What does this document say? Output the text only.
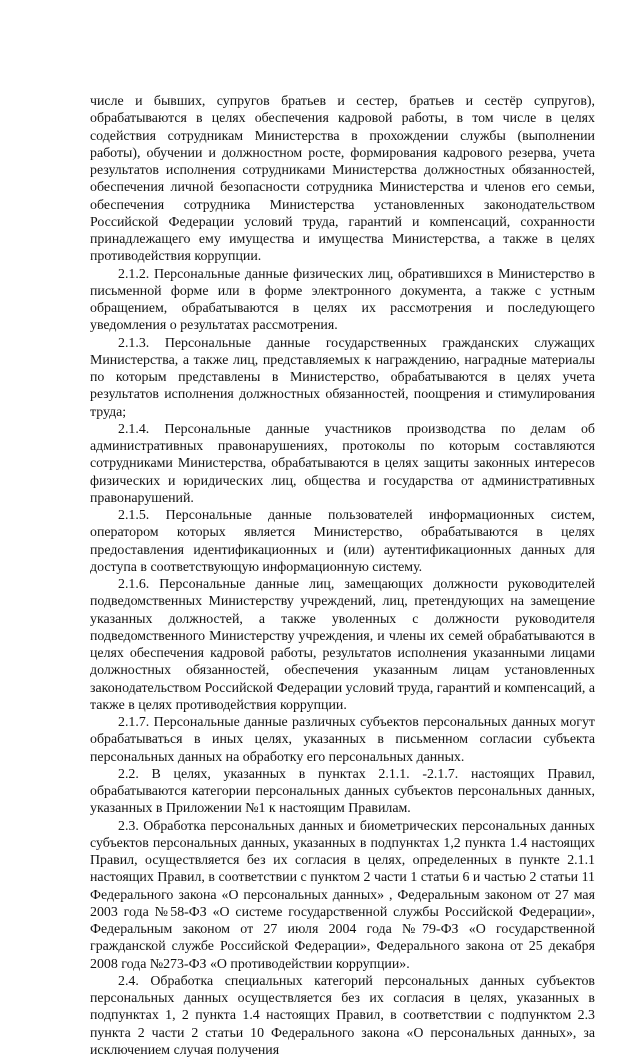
числе и бывших, супругов братьев и сестер, братьев и сестёр супругов), обрабатываются в целях обеспечения кадровой работы, в том числе в целях содействия сотрудникам Министерства в прохождении службы (выполнении работы), обучении и должностном росте, формирования кадрового резерва, учета результатов исполнения сотрудниками Министерства должностных обязанностей, обеспечения личной безопасности сотрудника Министерства и членов его семьи, обеспечения сотрудника Министерства установленных законодательством Российской Федерации условий труда, гарантий и компенсаций, сохранности принадлежащего ему имущества и имущества Министерства, а также в целях противодействия коррупции.

2.1.2. Персональные данные физических лиц, обратившихся в Министерство в письменной форме или в форме электронного документа, а также с устным обращением, обрабатываются в целях их рассмотрения и последующего уведомления о результатах рассмотрения.

2.1.3. Персональные данные государственных гражданских служащих Министерства, а также лиц, представляемых к награждению, наградные материалы по которым представлены в Министерство, обрабатываются в целях учета результатов исполнения должностных обязанностей, поощрения и стимулирования труда;

2.1.4. Персональные данные участников производства по делам об административных правонарушениях, протоколы по которым составляются сотрудниками Министерства, обрабатываются в целях защиты законных интересов физических и юридических лиц, общества и государства от административных правонарушений.

2.1.5. Персональные данные пользователей информационных систем, оператором которых является Министерство, обрабатываются в целях предоставления идентификационных и (или) аутентификационных данных для доступа в соответствующую информационную систему.

2.1.6. Персональные данные лиц, замещающих должности руководителей подведомственных Министерству учреждений, лиц, претендующих на замещение указанных должностей, а также уволенных с должности руководителя подведомственного Министерству учреждения, и члены их семей обрабатываются в целях обеспечения кадровой работы, результатов исполнения указанными лицами должностных обязанностей, обеспечения указанным лицам установленных законодательством Российской Федерации условий труда, гарантий и компенсаций, а также в целях противодействия коррупции.

2.1.7. Персональные данные различных субъектов персональных данных могут обрабатываться в иных целях, указанных в письменном согласии субъекта персональных данных на обработку его персональных данных.

2.2. В целях, указанных в пунктах 2.1.1. -2.1.7. настоящих Правил, обрабатываются категории персональных данных субъектов персональных данных, указанных в Приложении №1 к настоящим Правилам.

2.3. Обработка персональных данных и биометрических персональных данных субъектов персональных данных, указанных в подпунктах 1,2 пункта 1.4 настоящих Правил, осуществляется без их согласия в целях, определенных в пункте 2.1.1 настоящих Правил, в соответствии с пунктом 2 части 1 статьи 6 и частью 2 статьи 11 Федерального закона «О персональных данных» , Федеральным законом от 27 мая 2003 года №58-ФЗ «О системе государственной службы Российской Федерации», Федеральным законом от 27 июля 2004 года №79-ФЗ «О государственной гражданской службе Российской Федерации», Федерального закона от 25 декабря 2008 года №273-ФЗ «О противодействии коррупции».

2.4. Обработка специальных категорий персональных данных субъектов персональных данных осуществляется без их согласия в целях, указанных в подпунктах 1, 2 пункта 1.4 настоящих Правил, в соответствии с подпунктом 2.3 пункта 2 части 2 статьи 10 Федерального закона «О персональных данных», за исключением случая получения
